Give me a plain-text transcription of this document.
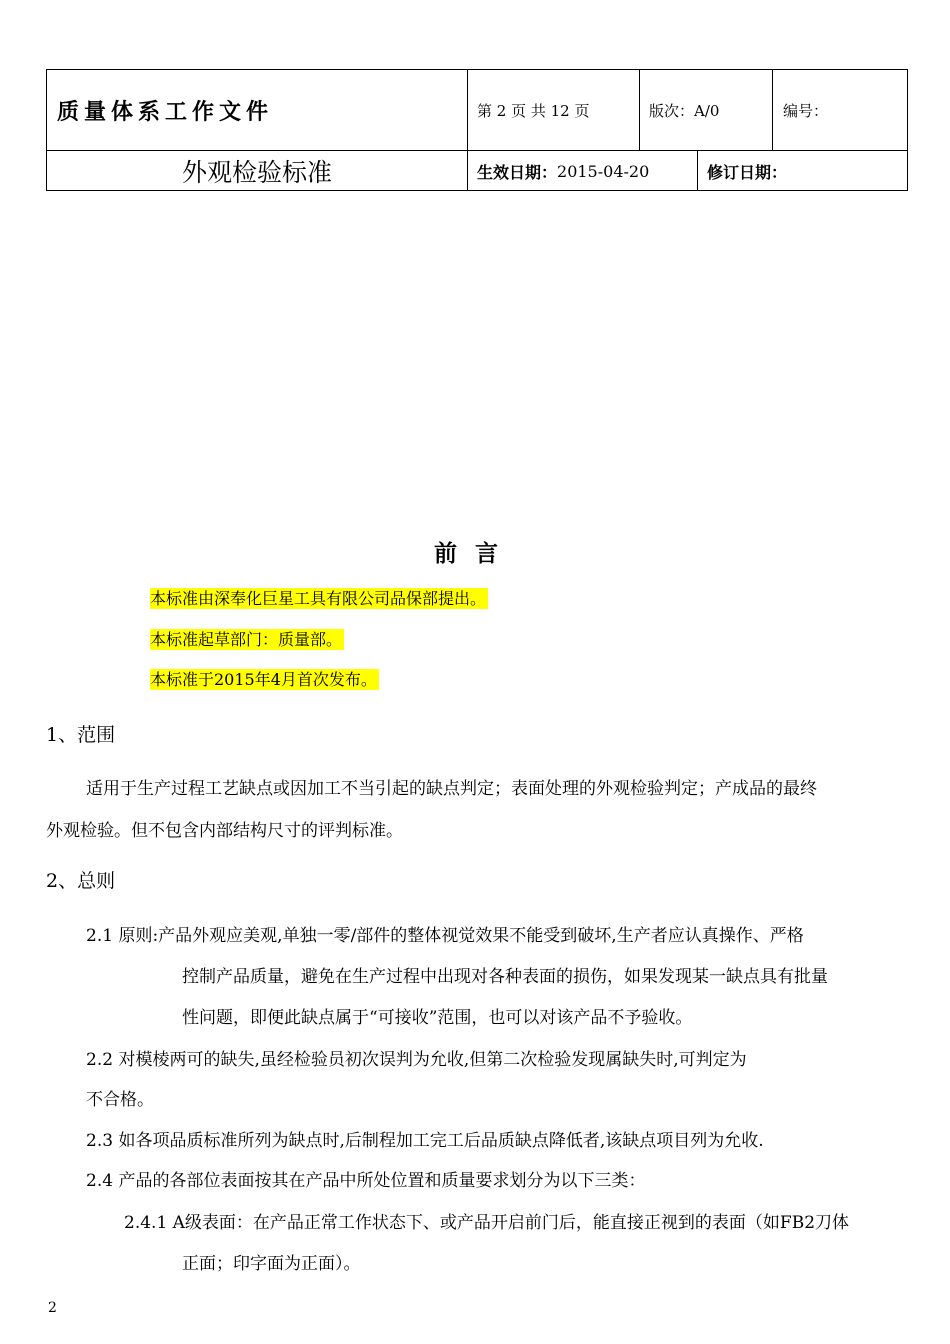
质量体系工作文件	第 2 页 共 12 页	版次：A/0	编号：
外观检验标准	生效日期： 2015-04-20	修订日期：
前言
本标准由深奉化巨星工具有限公司品保部提出。
本标准起草部门：质量部。
本标准于2015年4月首次发布。
1、范围
适用于生产过程工艺缺点或因加工不当引起的缺点判定；表面处理的外观检验判定；产成品的最终
外观检验。但不包含内部结构尺寸的评判标准。
2、总则
2.1 原则:产品外观应美观,单独一零/部件的整体视觉效果不能受到破坏,生产者应认真操作、严格
控制产品质量，避免在生产过程中出现对各种表面的损伤，如果发现某一缺点具有批量
性问题，即便此缺点属于“可接收”范围，也可以对该产品不予验收。
2.2 对模棱两可的缺失,虽经检验员初次误判为允收,但第二次检验发现属缺失时,可判定为
不合格。
2.3 如各项品质标准所列为缺点时,后制程加工完工后品质缺点降低者,该缺点项目列为允收.
2.4 产品的各部位表面按其在产品中所处位置和质量要求划分为以下三类：
2.4.1 A级表面：在产品正常工作状态下、或产品开启前门后，能直接正视到的表面（如FB2刀体
正面；印字面为正面）。
2
